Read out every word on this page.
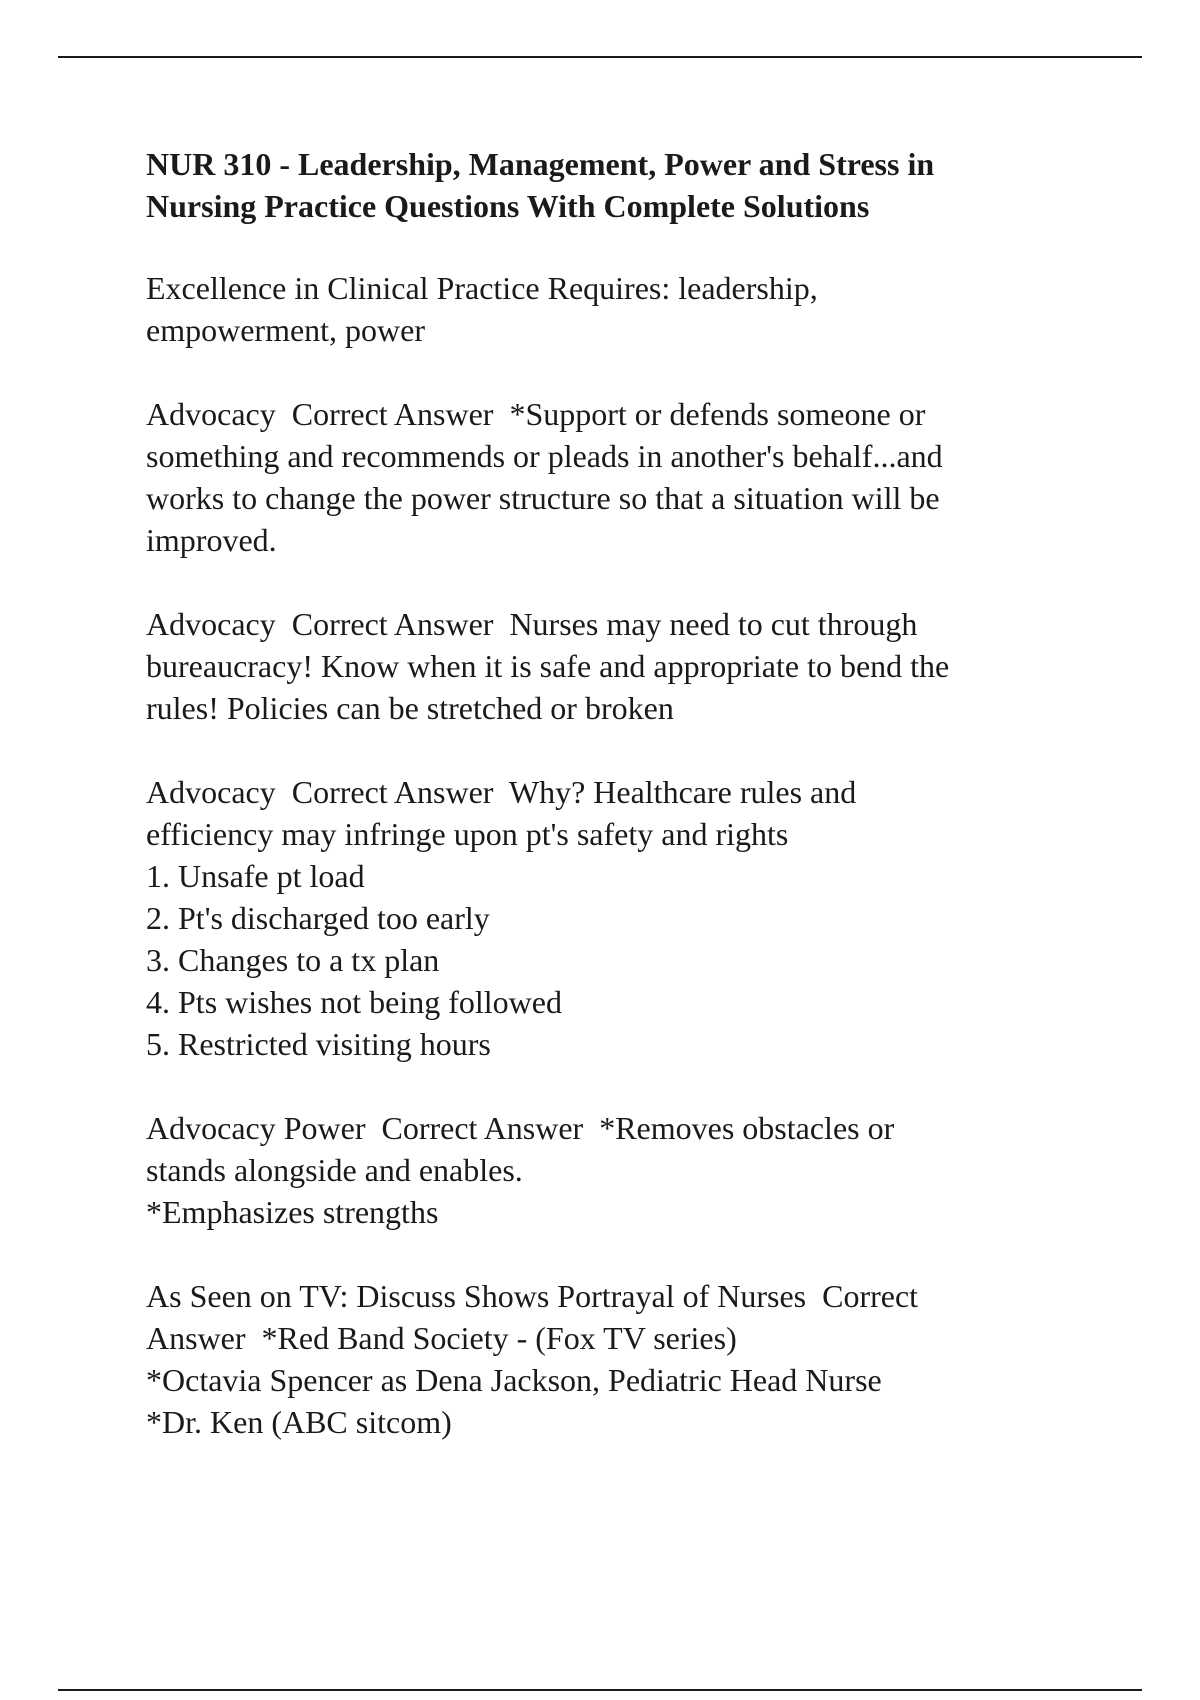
NUR 310 - Leadership, Management, Power and Stress in
Nursing Practice Questions With Complete Solutions
Excellence in Clinical Practice Requires: leadership,
empowerment, power
Advocacy  Correct Answer  *Support or defends someone or
something and recommends or pleads in another's behalf...and
works to change the power structure so that a situation will be
improved.
Advocacy  Correct Answer  Nurses may need to cut through
bureaucracy! Know when it is safe and appropriate to bend the
rules! Policies can be stretched or broken
Advocacy  Correct Answer  Why? Healthcare rules and
efficiency may infringe upon pt's safety and rights
1. Unsafe pt load
2. Pt's discharged too early
3. Changes to a tx plan
4. Pts wishes not being followed
5. Restricted visiting hours
Advocacy Power  Correct Answer  *Removes obstacles or
stands alongside and enables.
*Emphasizes strengths
As Seen on TV: Discuss Shows Portrayal of Nurses  Correct
Answer  *Red Band Society - (Fox TV series)
*Octavia Spencer as Dena Jackson, Pediatric Head Nurse
*Dr. Ken (ABC sitcom)
